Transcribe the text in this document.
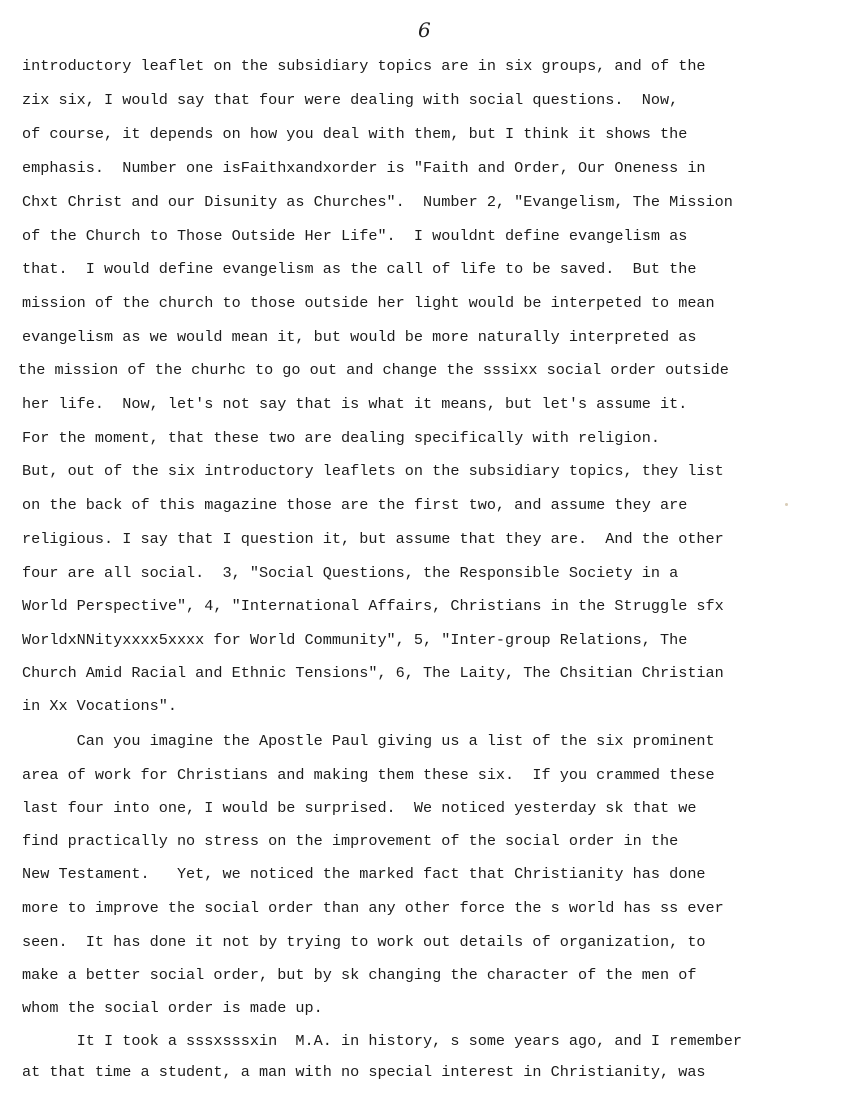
6
introductory leaflet on the subsidiary topics are in six groups, and of the
zix six, I would say that four were dealing with social questions.  Now,
of course, it depends on how you deal with them, but I think it shows the
emphasis.  Number one isFaithxandxorder is "Faith and Order, Our Oneness in
Chxt Christ and our Disunity as Churches".  Number 2, "Evangelism, The Mission
of the Church to Those Outside Her Life".  I wouldnt define evangelism as
that.  I would define evangelism as the call of life to be saved.  But the
mission of the church to those outside her light would be interpeted to mean
evangelism as we would mean it, but would be more naturally interpreted as
the mission of the churhc to go out and change the sssixx social order outside
her life.  Now, let's not say that is what it means, but let's assume it.
For the moment, that these two are dealing specifically with religion.
But, out of the six introductory leaflets on the subsidiary topics, they list
on the back of this magazine those are the first two, and assume they are
religious. I say that I question it, but assume that they are.  And the other
four are all social.  3, "Social Questions, the Responsible Society in a
World Perspective", 4, "International Affairs, Christians in the Struggle sfx
WorldxNNityxxxx5xxxx for World Community", 5, "Inter-group Relations, The
Church Amid Racial and Ethnic Tensions", 6, The Laity, The Chsitian Christian
in Xx Vocations".
Can you imagine the Apostle Paul giving us a list of the six prominent
area of work for Christians and making them these six.  If you crammed these
last four into one, I would be surprised.  We noticed yesterday sk that we
find practically no stress on the improvement of the social order in the
New Testament.   Yet, we noticed the marked fact that Christianity has done
more to improve the social order than any other force the s world has ss ever
seen.  It has done it not by trying to work out details of organization, to
make a better social order, but by sk changing the character of the men of
whom the social order is made up.
It I took a sssxsssxin  M.A. in history, s some years ago, and I remember
at that time a student, a man with no special interest in Christianity, was
